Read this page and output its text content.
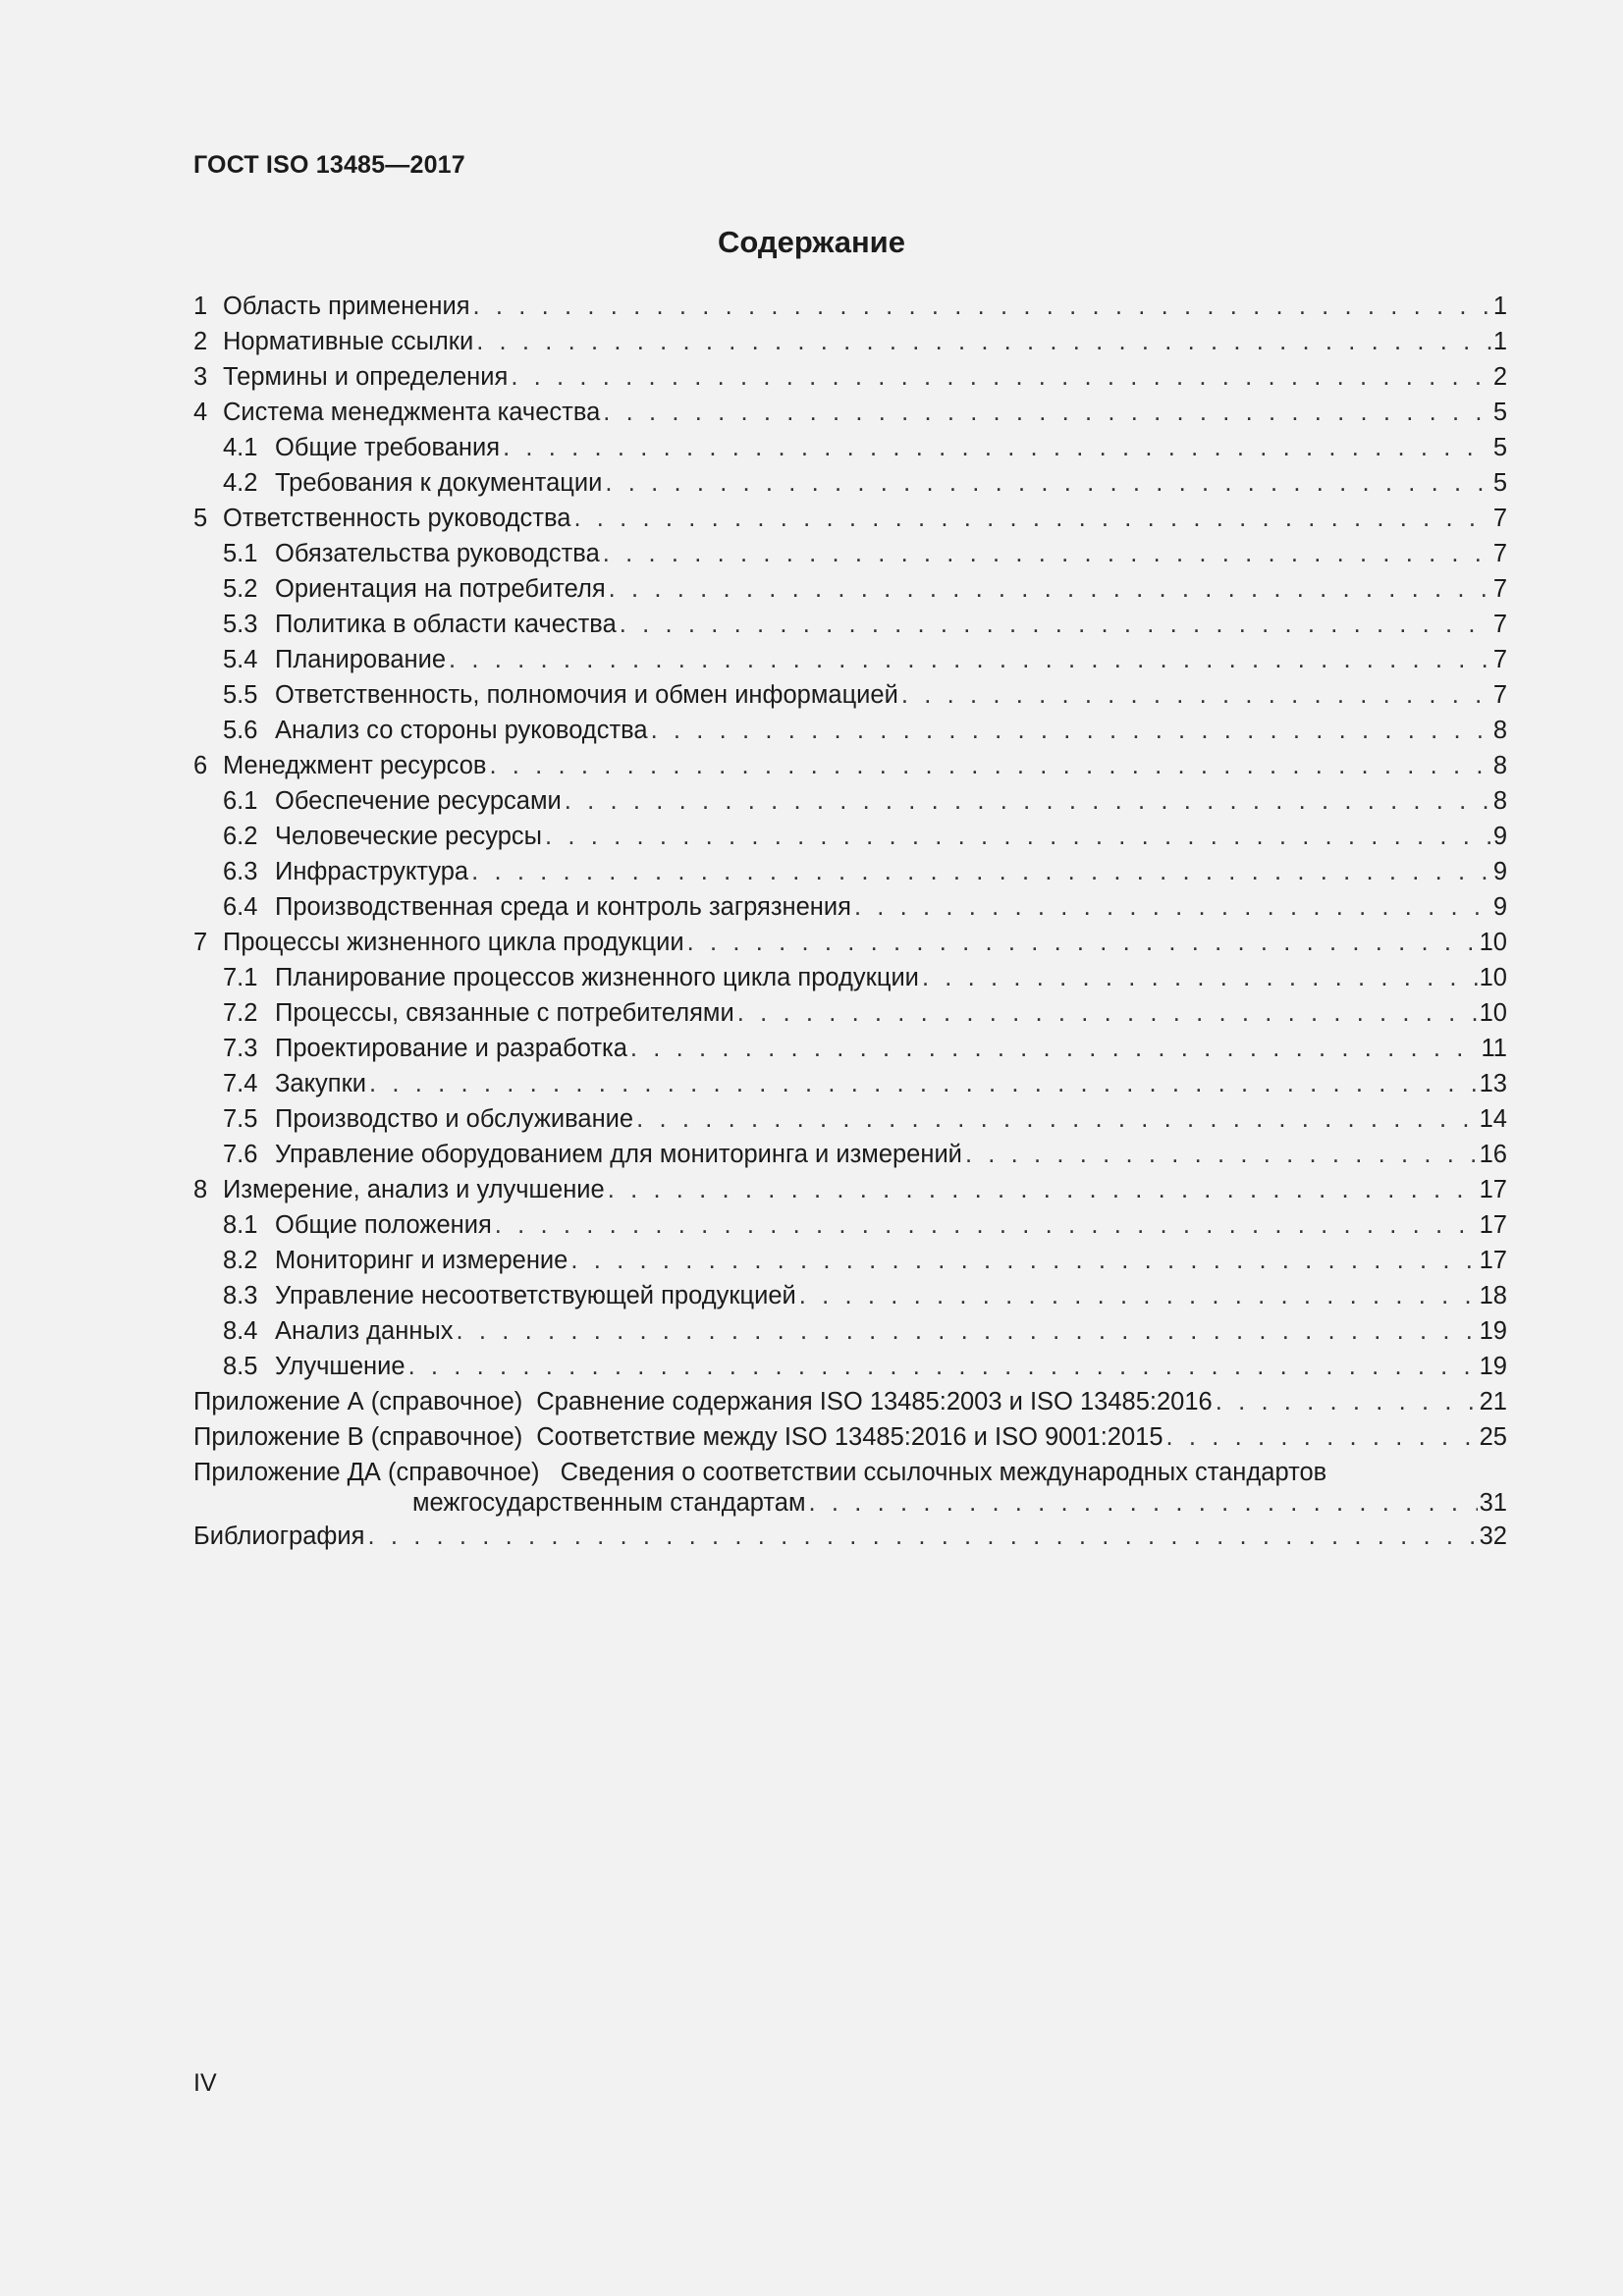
ГОСТ ISO 13485—2017
Содержание
1 Область применения . . .	1
2 Нормативные ссылки . . .	1
3 Термины и определения . . .	2
4 Система менеджмента качества . . .	5
4.1 Общие требования . . .	5
4.2 Требования к документации . . .	5
5 Ответственность руководства . . .	7
5.1 Обязательства руководства . . .	7
5.2 Ориентация на потребителя . . .	7
5.3 Политика в области качества . . .	7
5.4 Планирование . . .	7
5.5 Ответственность, полномочия и обмен информацией . . .	7
5.6 Анализ со стороны руководства . . .	8
6 Менеджмент ресурсов . . .	8
6.1 Обеспечение ресурсами . . .	8
6.2 Человеческие ресурсы . . .	9
6.3 Инфраструктура . . .	9
6.4 Производственная среда и контроль загрязнения . . .	9
7 Процессы жизненного цикла продукции . . .	10
7.1 Планирование процессов жизненного цикла продукции . . .	10
7.2 Процессы, связанные с потребителями . . .	10
7.3 Проектирование и разработка . . .	11
7.4 Закупки . . .	13
7.5 Производство и обслуживание . . .	14
7.6 Управление оборудованием для мониторинга и измерений . . .	16
8 Измерение, анализ и улучшение . . .	17
8.1 Общие положения . . .	17
8.2 Мониторинг и измерение . . .	17
8.3 Управление несоответствующей продукцией . . .	18
8.4 Анализ данных . . .	19
8.5 Улучшение . . .	19
Приложение А (справочное) Сравнение содержания ISO 13485:2003 и ISO 13485:2016 . . .	21
Приложение В (справочное) Соответствие между ISO 13485:2016 и ISO 9001:2015 . . .	25
Приложение ДА (справочное) Сведения о соответствии ссылочных международных стандартов
межгосударственным стандартам . . .	31
Библиография . . .	32
IV
